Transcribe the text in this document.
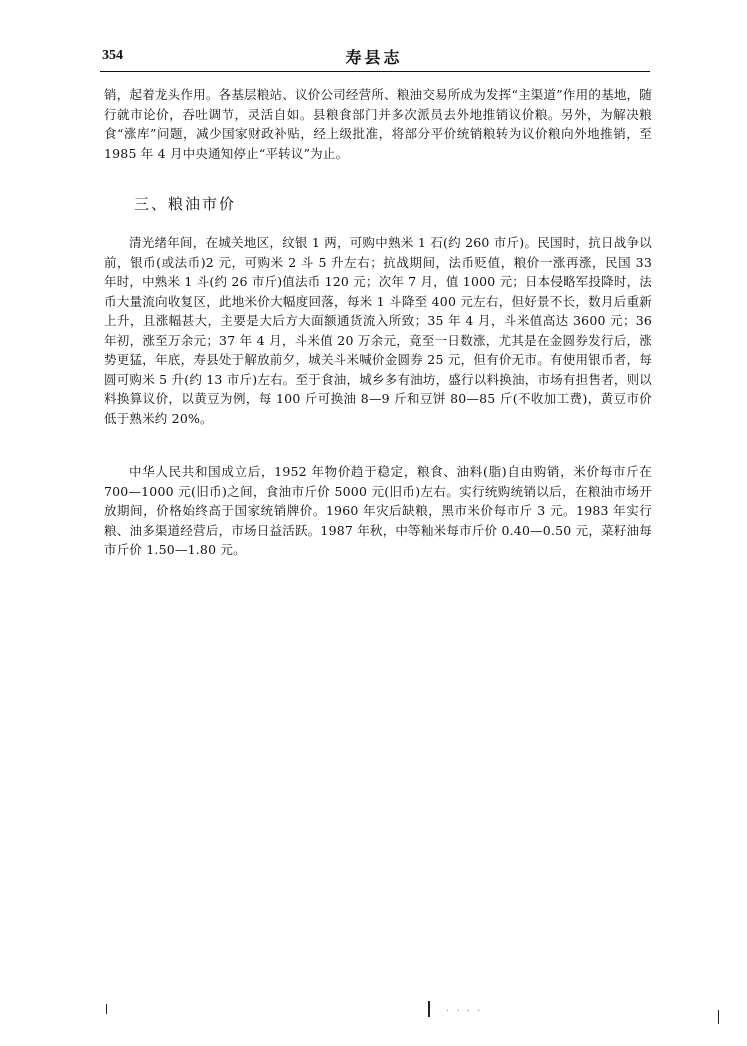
354	寿县志

销，起着龙头作用。各基层粮站、议价公司经营所、粮油交易所成为发挥“主渠道”作用的基地，随行就市论价，吞吐调节，灵活自如。县粮食部门并多次派员去外地推销议价粮。另外，为解决粮食“涨库”问题，减少国家财政补贴，经上级批准，将部分平价统销粮转为议价粮向外地推销，至 1985 年 4 月中央通知停止“平转议”为止。

三、粮油市价

清光绪年间，在城关地区，纹银 1 两，可购中熟米 1 石(约 260 市斤)。民国时，抗日战争以前，银币(或法币)2 元，可购米 2 斗 5 升左右；抗战期间，法币贬值，粮价一涨再涨，民国 33 年时，中熟米 1 斗(约 26 市斤)值法币 120 元；次年 7 月，值 1000 元；日本侵略军投降时，法币大量流向收复区，此地米价大幅度回落，每米 1 斗降至 400 元左右，但好景不长，数月后重新上升，且涨幅甚大，主要是大后方大面额通货流入所致；35 年 4 月，斗米值高达 3600 元；36 年初，涨至万余元；37 年 4 月，斗米值 20 万余元，竟至一日数涨，尤其是在金圆券发行后，涨势更猛，年底，寿县处于解放前夕，城关斗米喊价金圆券 25 元，但有价无市。有使用银币者，每圆可购米 5 升(约 13 市斤)左右。至于食油，城乡多有油坊，盛行以料换油，市场有担售者，则以料换算议价，以黄豆为例，每 100 斤可换油 8—9 斤和豆饼 80—85 斤(不收加工费)，黄豆市价低于熟米约 20%。

中华人民共和国成立后，1952 年物价趋于稳定，粮食、油料(脂)自由购销，米价每市斤在 700—1000 元(旧币)之间，食油市斤价 5000 元(旧币)左右。实行统购统销以后，在粮油市场开放期间，价格始终高于国家统销牌价。1960 年灾后缺粮，黑市米价每市斤 3 元。1983 年实行粮、油多渠道经营后，市场日益活跃。1987 年秋，中等籼米每市斤价 0.40—0.50 元，菜籽油每市斤价 1.50—1.80 元。

· · · ·
